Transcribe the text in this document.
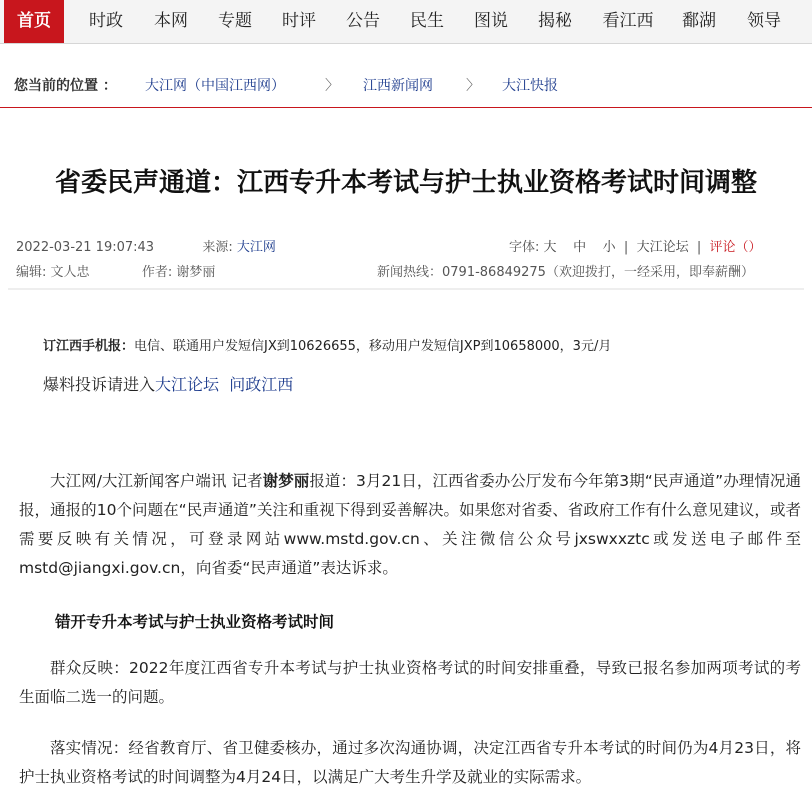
首页	时政	本网	专题	时评	公告	民生	图说	揭秘	看江西	鄱湖	领导
您当前的位置 ： 大江网（中国江西网）	〉 江西新闻网 〉 大江快报
省委民声通道：江西专升本考试与护士执业资格考试时间调整
2022-03-21 19:07:43	来源: 大江网	字体: 大 中 小  |  大江论坛  |  评论（）
编辑: 文人忠	作者: 谢梦丽	新闻热线：0791-86849275（欢迎拨打，一经采用，即奉薪酬）
订江西手机报：电信、联通用户发短信JX到10626655，移动用户发短信JXP到10658000，3元/月
爆料投诉请进入大江论坛 问政江西
大江网/大江新闻客户端讯 记者谢梦丽报道：3月21日，江西省委办公厅发布今年第3期“民声通道”办理情况通报，通报的10个问题在“民声通道”关注和重视下得到妥善解决。如果您对省委、省政府工作有什么意见建议，或者需要反映有关情况，可登录网站www.mstd.gov.cn、关注微信公众号jxswxxztc或发送电子邮件至mstd@jiangxi.gov.cn，向省委“民声通道”表达诉求。
错开专升本考试与护士执业资格考试时间
群众反映：2022年度江西省专升本考试与护士执业资格考试的时间安排重叠，导致已报名参加两项考试的考生面临二选一的问题。
落实情况：经省教育厅、省卫健委核办，通过多次沟通协调，决定江西省专升本考试的时间仍为4月23日，将护士执业资格考试的时间调整为4月24日，以满足广大考生升学及就业的实际需求。
